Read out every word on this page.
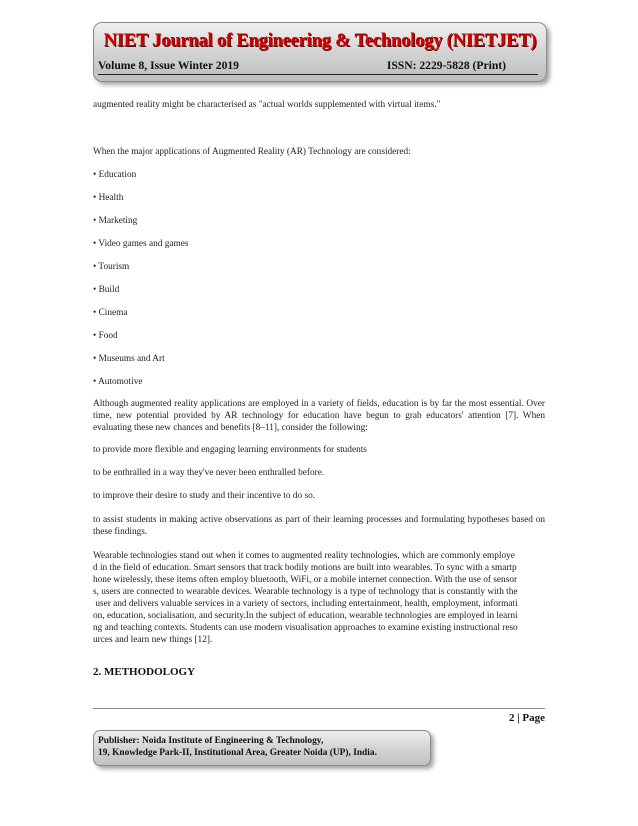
NIET Journal of Engineering & Technology (NIETJET)
Volume 8, Issue Winter 2019	ISSN: 2229-5828 (Print)
augmented reality might be characterised as "actual worlds supplemented with virtual items."
When the major applications of Augmented Reality (AR) Technology are considered:
• Education
• Health
• Marketing
• Video games and games
• Tourism
• Build
• Cinema
• Food
• Museums and Art
• Automotive
Although augmented reality applications are employed in a variety of fields, education is by far the most essential. Over time, new potential provided by AR technology for education have begun to grab educators' attention [7]. When evaluating these new chances and benefits [8–11], consider the following:
to provide more flexible and engaging learning environments for students
to be enthralled in a way they've never been enthralled before.
to improve their desire to study and their incentive to do so.
to assist students in making active observations as part of their learning processes and formulating hypotheses based on these findings.
Wearable technologies stand out when it comes to augmented reality technologies, which are commonly employe
d in the field of education. Smart sensors that track bodily motions are built into wearables. To sync with a smartp
hone wirelessly, these items often employ bluetooth, WiFi, or a mobile internet connection. With the use of sensor
s, users are connected to wearable devices. Wearable technology is a type of technology that is constantly with the
user and delivers valuable services in a variety of sectors, including entertainment, health, employment, informati
on, education, socialisation, and security.In the subject of education, wearable technologies are employed in learni
ng and teaching contexts. Students can use modern visualisation approaches to examine existing instructional reso
urces and learn new things [12].
2. METHODOLOGY
2 | Page
Publisher: Noida Institute of Engineering & Technology,
19, Knowledge Park-II, Institutional Area, Greater Noida (UP), India.
